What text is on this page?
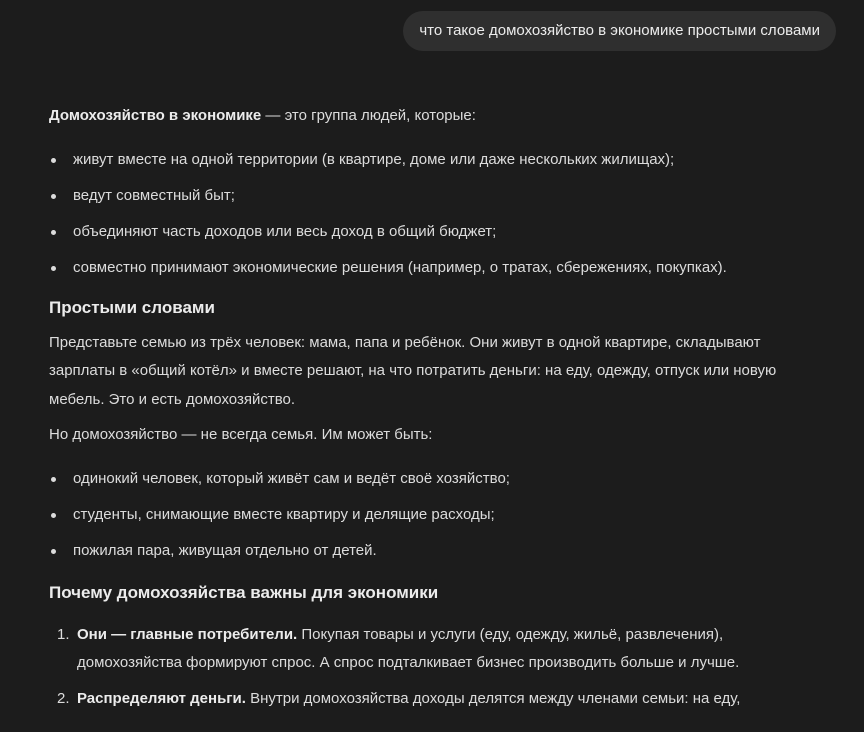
что такое домохозяйство в экономике простыми словами

Домохозяйство в экономике — это группа людей, которые:

живут вместе на одной территории (в квартире, доме или даже нескольких жилищах);
ведут совместный быт;
объединяют часть доходов или весь доход в общий бюджет;
совместно принимают экономические решения (например, о тратах, сбережениях, покупках).
Простыми словами

Представьте семью из трёх человек: мама, папа и ребёнок. Они живут в одной квартире, складывают зарплаты в «общий котёл» и вместе решают, на что потратить деньги: на еду, одежду, отпуск или новую мебель. Это и есть домохозяйство.

Но домохозяйство — не всегда семья. Им может быть:

одинокий человек, который живёт сам и ведёт своё хозяйство;
студенты, снимающие вместе квартиру и делящие расходы;
пожилая пара, живущая отдельно от детей.
Почему домохозяйства важны для экономики
1. Они — главные потребители. Покупая товары и услуги (еду, одежду, жильё, развлечения), домохозяйства формируют спрос. А спрос подталкивает бизнес производить больше и лучше.
2. Распределяют деньги. Внутри домохозяйства доходы делятся между членами семьи: на еду,
